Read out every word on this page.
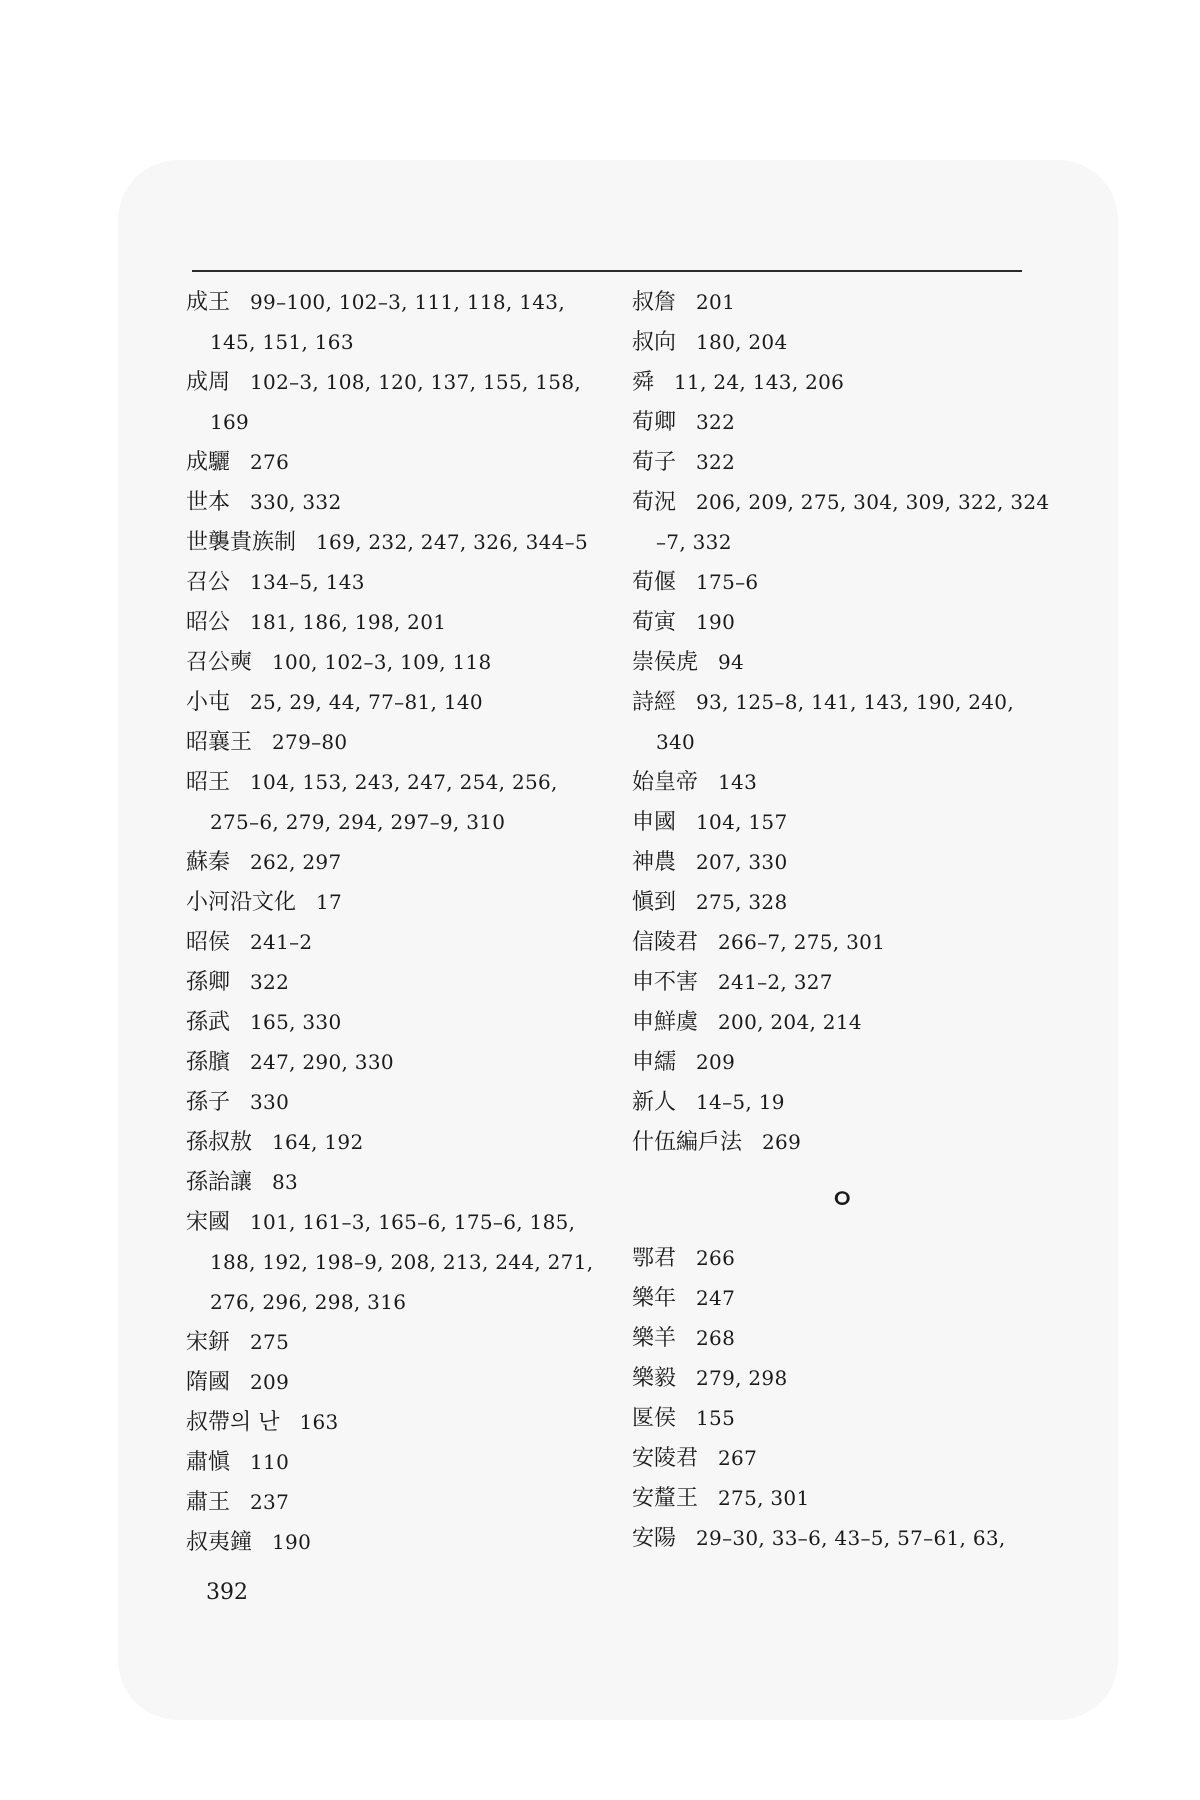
成王 99–100, 102–3, 111, 118, 143,
145, 151, 163
成周 102–3, 108, 120, 137, 155, 158,
169
成驪 276
世本 330, 332
世襲貴族制 169, 232, 247, 326, 344–5
召公 134–5, 143
昭公 181, 186, 198, 201
召公奭 100, 102–3, 109, 118
小屯 25, 29, 44, 77–81, 140
昭襄王 279–80
昭王 104, 153, 243, 247, 254, 256,
275–6, 279, 294, 297–9, 310
蘇秦 262, 297
小河沿文化 17
昭侯 241–2
孫卿 322
孫武 165, 330
孫臏 247, 290, 330
孫子 330
孫叔敖 164, 192
孫詒讓 83
宋國 101, 161–3, 165–6, 175–6, 185,
188, 192, 198–9, 208, 213, 244, 271,
276, 296, 298, 316
宋鈃 275
隋國 209
叔帶의 난 163
肅愼 110
肅王 237
叔夷鐘 190
叔詹 201
叔向 180, 204
舜 11, 24, 143, 206
荀卿 322
荀子 322
荀況 206, 209, 275, 304, 309, 322, 324
–7, 332
荀偃 175–6
荀寅 190
崇侯虎 94
詩經 93, 125–8, 141, 143, 190, 240,
340
始皇帝 143
申國 104, 157
神農 207, 330
愼到 275, 328
信陵君 266–7, 275, 301
申不害 241–2, 327
申鮮虞 200, 204, 214
申繻 209
新人 14–5, 19
什伍編戶法 269
ㅇ
鄂君 266
樂年 247
樂羊 268
樂毅 279, 298
匽侯 155
安陵君 267
安釐王 275, 301
安陽 29–30, 33–6, 43–5, 57–61, 63,
392
